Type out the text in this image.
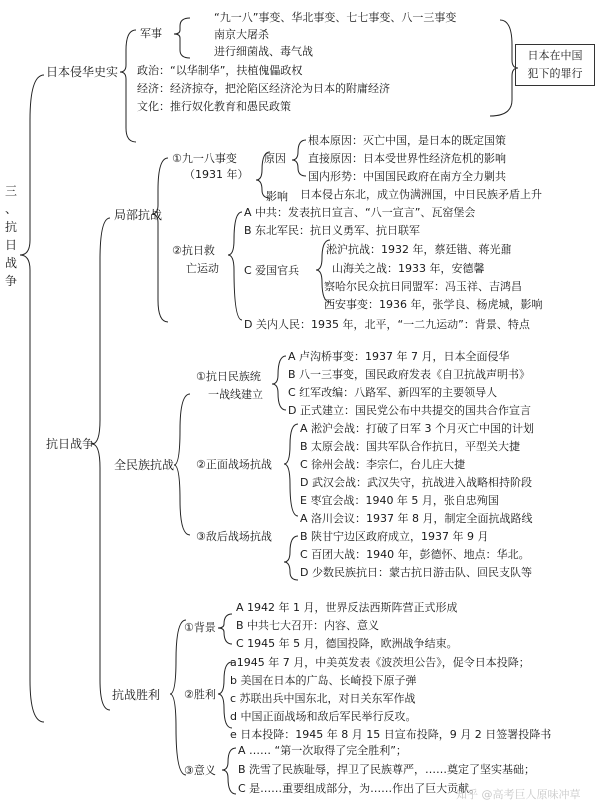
三
、
抗
日
战
争
日本侵华史实
军事
“九一八”事变、华北事变、七七事变、八一三事变
南京大屠杀
进行细菌战、毒气战
政治：“以华制华”，扶植傀儡政权
经济：经济掠夺，把沦陷区经济沦为日本的附庸经济
文化：推行奴化教育和愚民政策
日本在中国
犯下的罪行
抗日战争
局部抗战
①九一八事变
（1931 年）
原因
根本原因：灭亡中国，是日本的既定国策
直接原因：日本受世界性经济危机的影响
国内形势：中国国民政府在南方全力剿共
影响 日本侵占东北，成立伪满洲国，中日民族矛盾上升
②抗日救
亡运动
A 中共：发表抗日宣言、“八一宣言”、瓦窑堡会
B 东北军民：抗日义勇军、抗日联军
C 爱国官兵
淞沪抗战：1932 年，蔡廷锴、蒋光鼐
山海关之战：1933 年，安德馨
察哈尔民众抗日同盟军：冯玉祥、吉鸿昌
西安事变：1936 年，张学良、杨虎城，影响
D 关内人民：1935 年，北平，“一二九运动”：背景、特点
全民族抗战
①抗日民族统
一战线建立
A 卢沟桥事变：1937 年 7 月，日本全面侵华
B 八一三事变，国民政府发表《自卫抗战声明书》
C 红军改编：八路军、新四军的主要领导人
D 正式建立：国民党公布中共提交的国共合作宣言
②正面战场抗战
A 淞沪会战：打破了日军 3 个月灭亡中国的计划
B 太原会战：国共军队合作抗日，平型关大捷
C 徐州会战：李宗仁，台儿庄大捷
D 武汉会战：武汉失守，抗战进入战略相持阶段
E 枣宜会战：1940 年 5 月，张自忠殉国
③敌后战场抗战
A 洛川会议：1937 年 8 月，制定全面抗战路线
B 陕甘宁边区政府成立，1937 年 9 月
C 百团大战：1940 年，彭德怀、地点：华北。
D 少数民族抗日：蒙古抗日游击队、回民支队等
抗战胜利
①背景
A 1942 年 1 月，世界反法西斯阵营正式形成
B 中共七大召开：内容、意义
C 1945 年 5 月，德国投降，欧洲战争结束。
②胜利
a1945 年 7 月，中美英发表《波茨坦公告》，促令日本投降；
b 美国在日本的广岛、长崎投下原子弹
c 苏联出兵中国东北，对日关东军作战
d 中国正面战场和敌后军民举行反攻。
e 日本投降：1945 年 8 月 15 日宣布投降，9 月 2 日签署投降书
③意义
A …… “第一次取得了完全胜利”；
B 洗雪了民族耻辱，捍卫了民族尊严，……奠定了坚实基础；
C 是……重要组成部分，为……作出了巨大贡献。
知乎 @高考巨人原味冲草
